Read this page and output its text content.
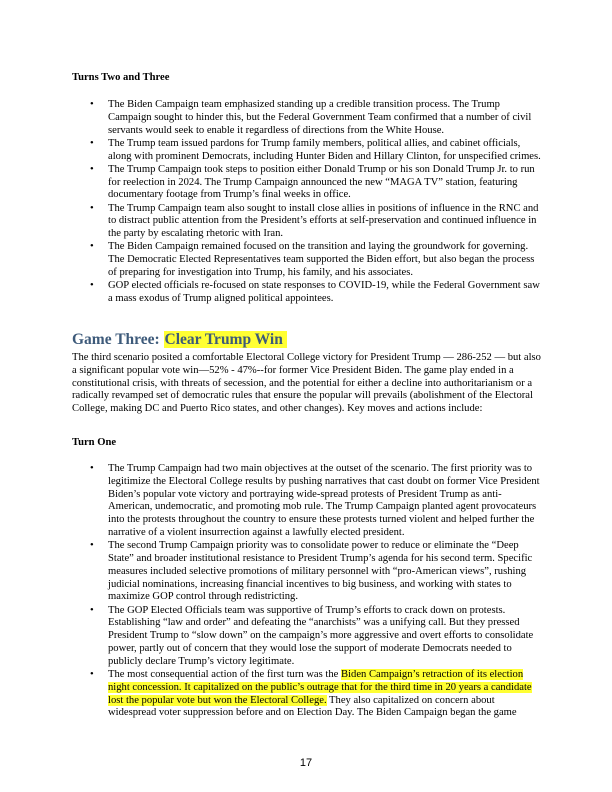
Turns Two and Three
• The Biden Campaign team emphasized standing up a credible transition process. The Trump Campaign sought to hinder this, but the Federal Government Team confirmed that a number of civil servants would seek to enable it regardless of directions from the White House.
• The Trump team issued pardons for Trump family members, political allies, and cabinet officials, along with prominent Democrats, including Hunter Biden and Hillary Clinton, for unspecified crimes.
• The Trump Campaign took steps to position either Donald Trump or his son Donald Trump Jr. to run for reelection in 2024. The Trump Campaign announced the new “MAGA TV” station, featuring documentary footage from Trump’s final weeks in office.
• The Trump Campaign team also sought to install close allies in positions of influence in the RNC and to distract public attention from the President’s efforts at self-preservation and continued influence in the party by escalating rhetoric with Iran.
• The Biden Campaign remained focused on the transition and laying the groundwork for governing. The Democratic Elected Representatives team supported the Biden effort, but also began the process of preparing for investigation into Trump, his family, and his associates.
• GOP elected officials re-focused on state responses to COVID-19, while the Federal Government saw a mass exodus of Trump aligned political appointees.
Game Three: Clear Trump Win

The third scenario posited a comfortable Electoral College victory for President Trump — 286-252 — but also a significant popular vote win—52% - 47%--for former Vice President Biden. The game play ended in a constitutional crisis, with threats of secession, and the potential for either a decline into authoritarianism or a radically revamped set of democratic rules that ensure the popular will prevails (abolishment of the Electoral College, making DC and Puerto Rico states, and other changes). Key moves and actions include:

Turn One
• The Trump Campaign had two main objectives at the outset of the scenario. The first priority was to legitimize the Electoral College results by pushing narratives that cast doubt on former Vice President Biden’s popular vote victory and portraying wide-spread protests of President Trump as anti-American, undemocratic, and promoting mob rule. The Trump Campaign planted agent provocateurs into the protests throughout the country to ensure these protests turned violent and helped further the narrative of a violent insurrection against a lawfully elected president.
• The second Trump Campaign priority was to consolidate power to reduce or eliminate the “Deep State” and broader institutional resistance to President Trump’s agenda for his second term. Specific measures included selective promotions of military personnel with “pro-American views”, rushing judicial nominations, increasing financial incentives to big business, and working with states to maximize GOP control through redistricting.
• The GOP Elected Officials team was supportive of Trump’s efforts to crack down on protests. Establishing “law and order” and defeating the “anarchists” was a unifying call. But they pressed President Trump to “slow down” on the campaign’s more aggressive and overt efforts to consolidate power, partly out of concern that they would lose the support of moderate Democrats needed to publicly declare Trump’s victory legitimate.
• The most consequential action of the first turn was the Biden Campaign’s retraction of its election night concession. It capitalized on the public’s outrage that for the third time in 20 years a candidate lost the popular vote but won the Electoral College. They also capitalized on concern about widespread voter suppression before and on Election Day. The Biden Campaign began the game
17
